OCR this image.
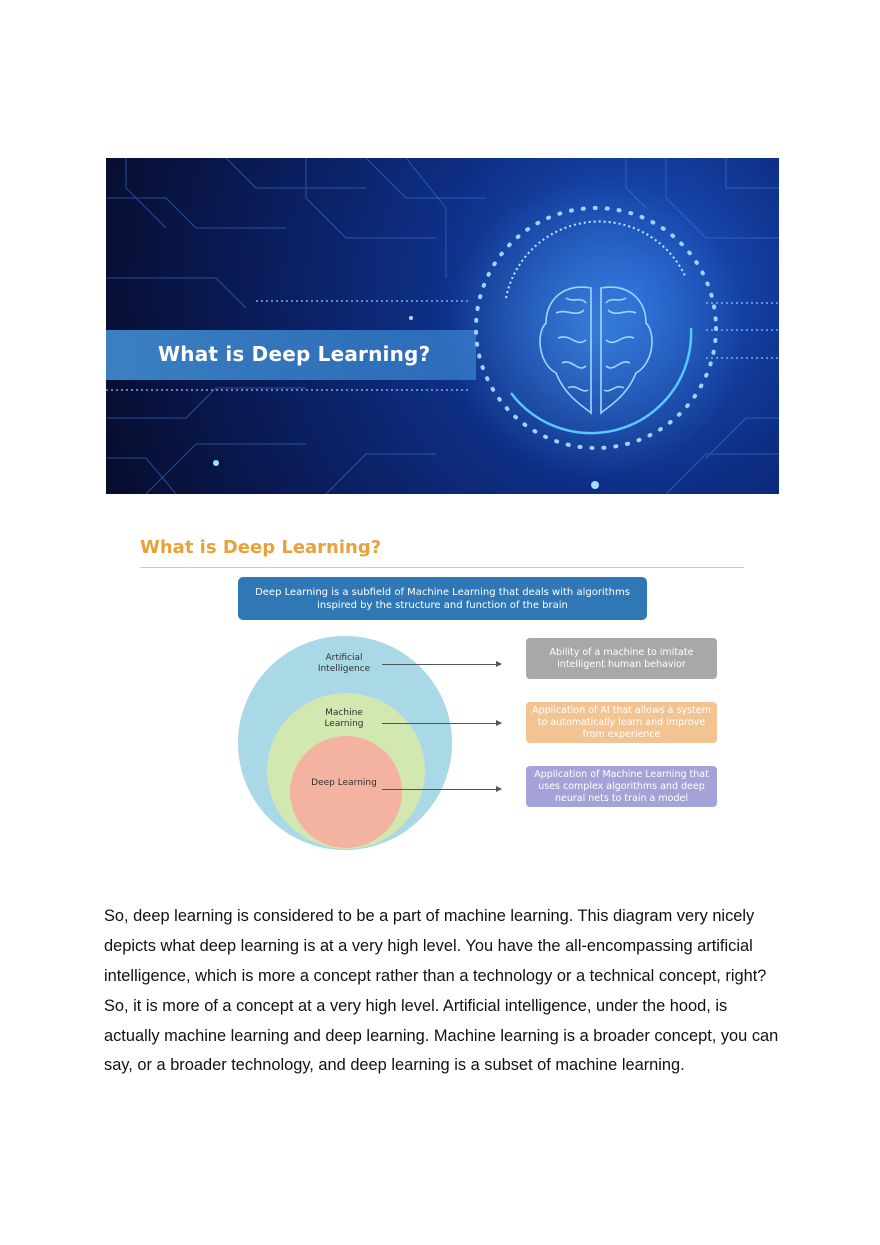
What is Deep Learning?
What is Deep Learning?
Deep Learning is a subfield of Machine Learning that deals with algorithms inspired by the structure and function of the brain
Artificial Intelligence
Machine Learning
Deep Learning
Ability of a machine to imitate intelligent human behavior
Application of AI that allows a system to automatically learn and improve from experience
Application of Machine Learning that uses complex algorithms and deep neural nets to train a model

So, deep learning is considered to be a part of machine learning. This diagram very nicely depicts what deep learning is at a very high level. You have the all-encompassing artificial intelligence, which is more a concept rather than a technology or a technical concept, right? So, it is more of a concept at a very high level. Artificial intelligence, under the hood, is actually machine learning and deep learning. Machine learning is a broader concept, you can say, or a broader technology, and deep learning is a subset of machine learning.
